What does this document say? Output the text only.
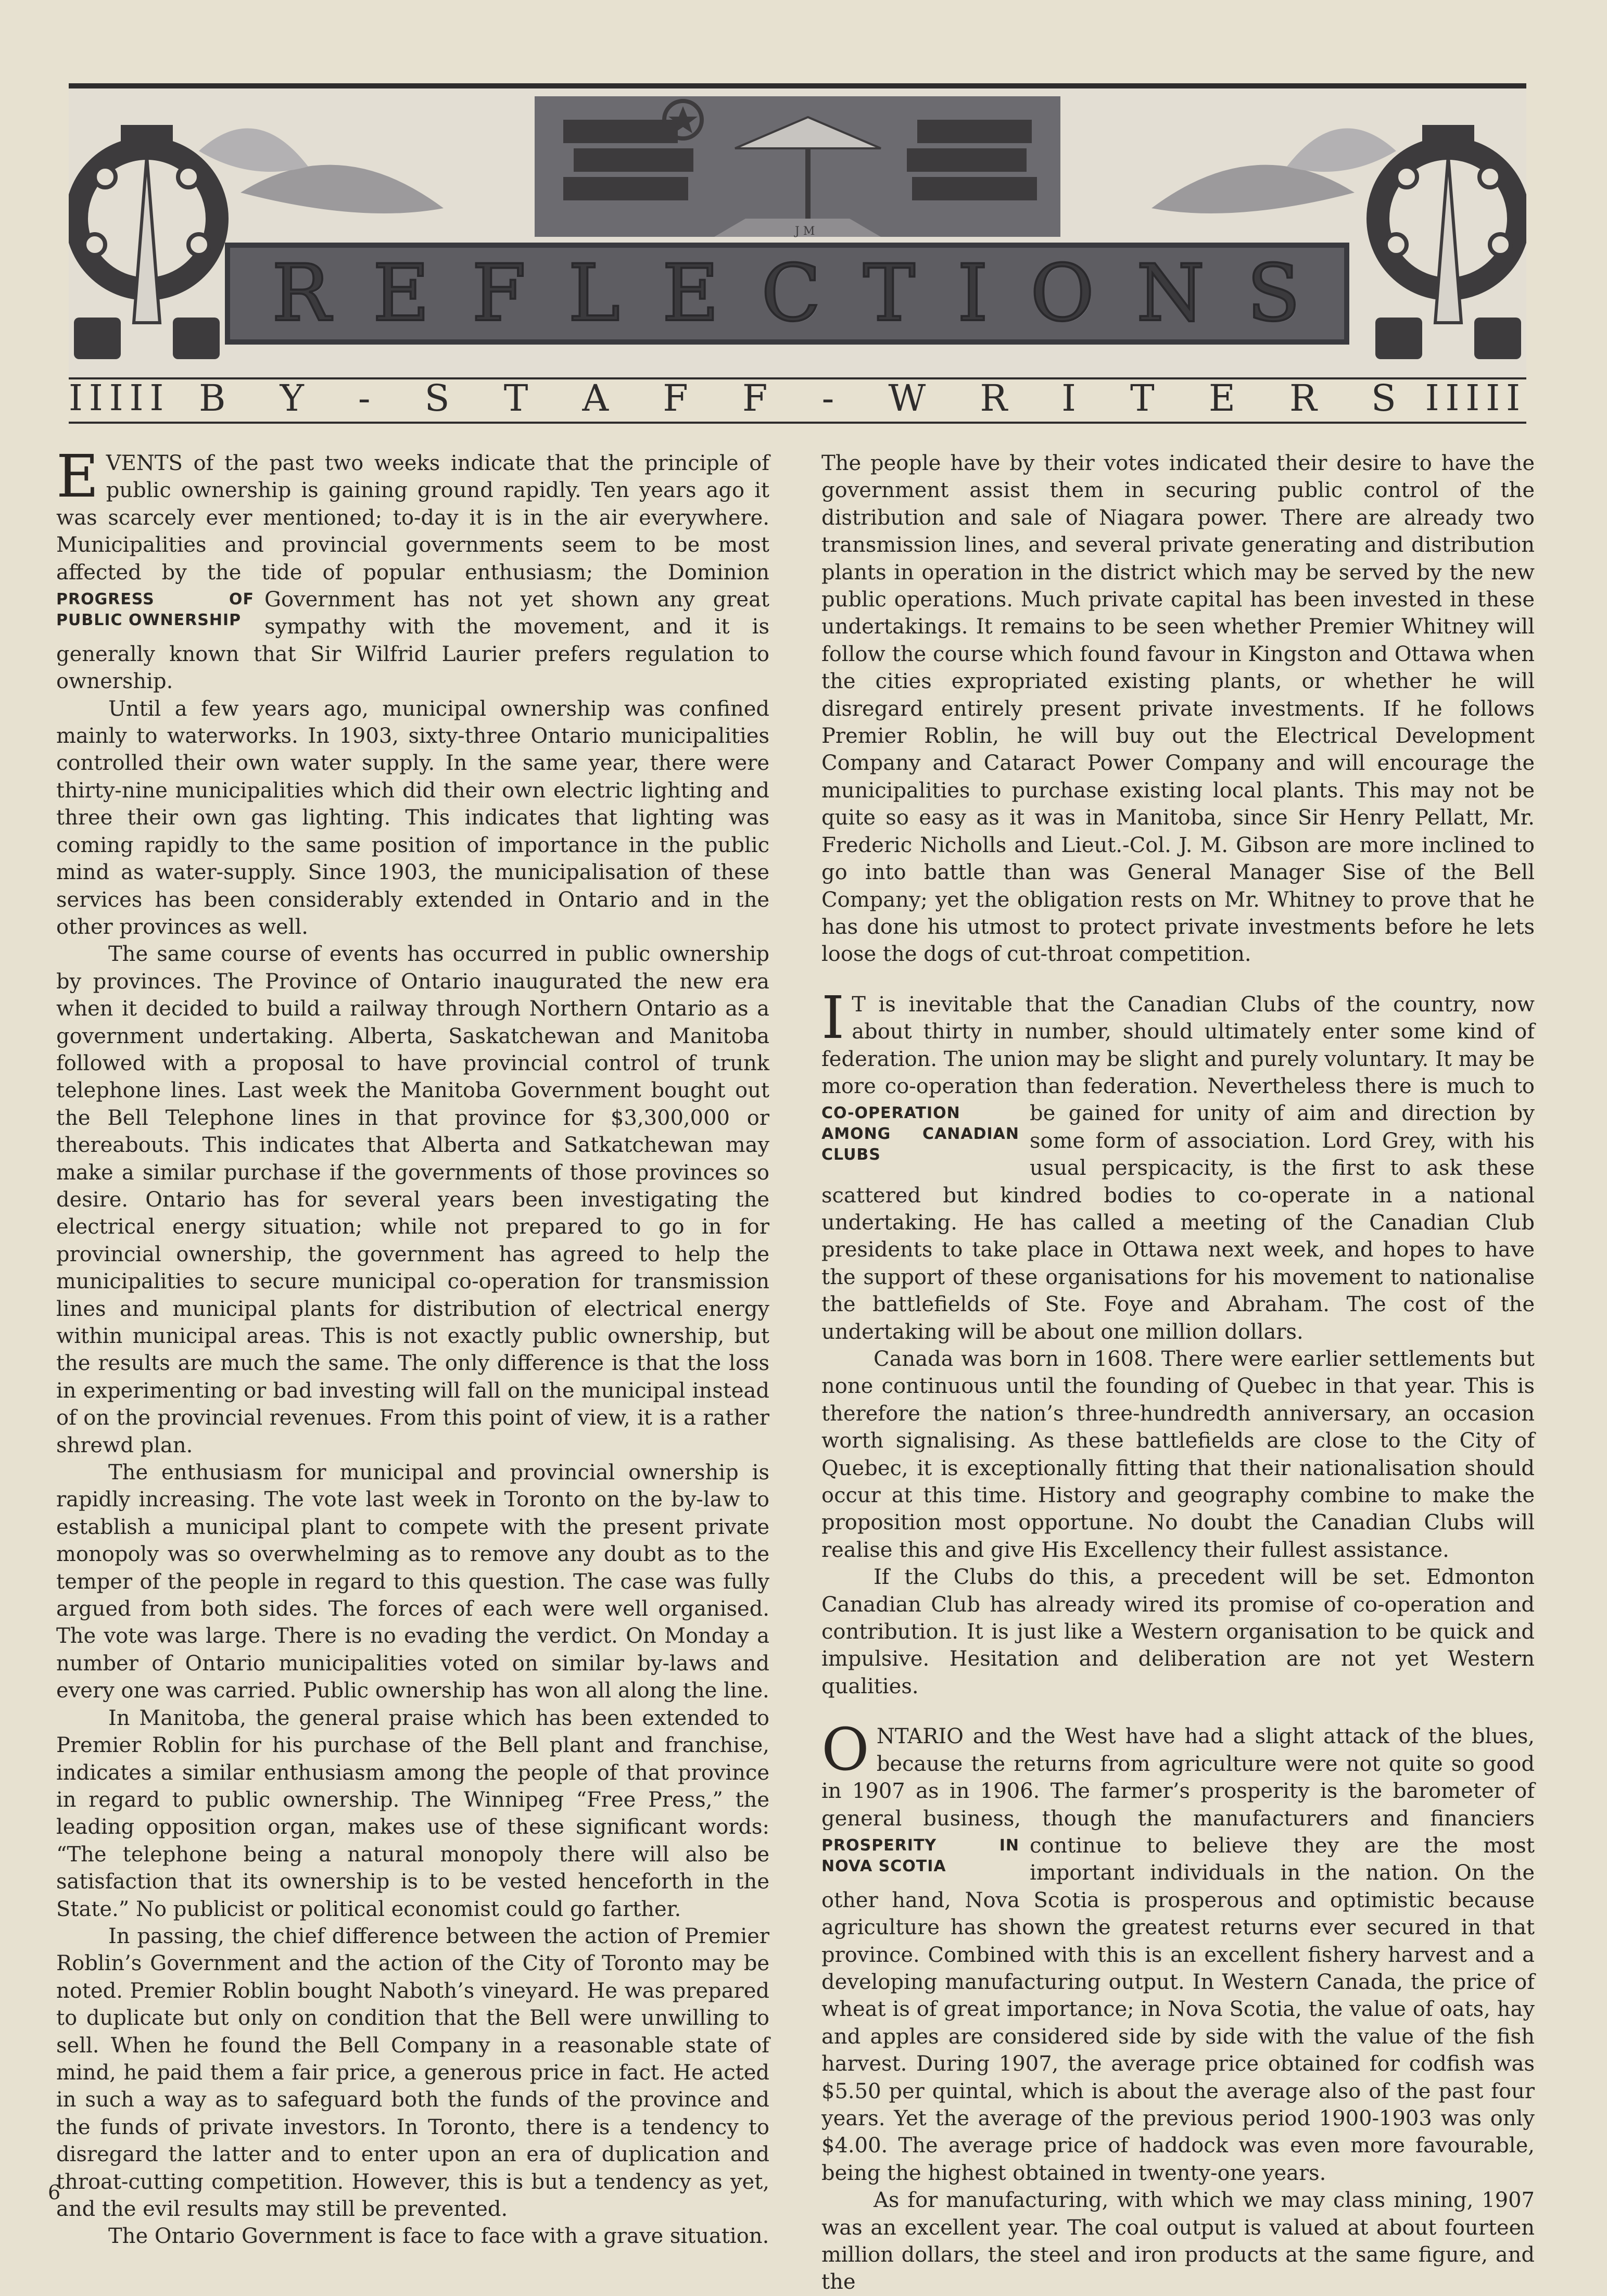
R E F L E C T I O N S
J M
IIIII B Y - S T A F F - W R I T E R S IIIII

EVENTS of the past two weeks indicate that the principle of public ownership is gaining ground rapidly. Ten years ago it was scarcely ever mentioned; to-day it is in the air everywhere. Municipalities and provincial governments seem to be most affected by the tide of popular enthusiasm; the Dominion Government
PROGRESS OF PUBLIC OWNERSHIP
has not yet shown any great sympathy with the movement, and it is generally known that Sir Wilfrid Laurier prefers regulation to ownership.

Until a few years ago, municipal ownership was confined mainly to waterworks. In 1903, sixty-three Ontario municipalities controlled their own water supply. In the same year, there were thirty-nine municipalities which did their own electric lighting and three their own gas lighting. This indicates that lighting was coming rapidly to the same position of importance in the public mind as water-supply. Since 1903, the municipalisation of these services has been considerably extended in Ontario and in the other provinces as well.

The same course of events has occurred in public ownership by provinces. The Province of Ontario inaugurated the new era when it decided to build a railway through Northern Ontario as a government undertaking. Alberta, Saskatchewan and Manitoba followed with a proposal to have provincial control of trunk telephone lines. Last week the Manitoba Government bought out the Bell Telephone lines in that province for $3,300,000 or thereabouts. This indicates that Alberta and Satkatchewan may make a similar purchase if the governments of those provinces so desire. Ontario has for several years been investigating the electrical energy situation; while not prepared to go in for provincial ownership, the government has agreed to help the municipalities to secure municipal co-operation for transmission lines and municipal plants for distribution of electrical energy within municipal areas. This is not exactly public ownership, but the results are much the same. The only difference is that the loss in experimenting or bad investing will fall on the municipal instead of on the provincial revenues. From this point of view, it is a rather shrewd plan.

The enthusiasm for municipal and provincial ownership is rapidly increasing. The vote last week in Toronto on the by-law to establish a municipal plant to compete with the present private monopoly was so overwhelming as to remove any doubt as to the temper of the people in regard to this question. The case was fully argued from both sides. The forces of each were well organised. The vote was large. There is no evading the verdict. On Monday a number of Ontario municipalities voted on similar by-laws and every one was carried. Public ownership has won all along the line.

In Manitoba, the general praise which has been extended to Premier Roblin for his purchase of the Bell plant and franchise, indicates a similar enthusiasm among the people of that province in regard to public ownership. The Winnipeg “Free Press,” the leading opposition organ, makes use of these significant words: “The telephone being a natural monopoly there will also be satisfaction that its ownership is to be vested henceforth in the State.” No publicist or political economist could go farther.

In passing, the chief difference between the action of Premier Roblin’s Government and the action of the City of Toronto may be noted. Premier Roblin bought Naboth’s vineyard. He was prepared to duplicate but only on condition that the Bell were unwilling to sell. When he found the Bell Company in a reasonable state of mind, he paid them a fair price, a generous price in fact. He acted in such a way as to safeguard both the funds of the province and the funds of private investors. In Toronto, there is a tendency to disregard the latter and to enter upon an era of duplication and throat-cutting competition. However, this is but a tendency as yet, and the evil results may still be prevented.

The Ontario Government is face to face with a grave situation.

The people have by their votes indicated their desire to have the government assist them in securing public control of the distribution and sale of Niagara power. There are already two transmission lines, and several private generating and distribution plants in operation in the district which may be served by the new public operations. Much private capital has been invested in these undertakings. It remains to be seen whether Premier Whitney will follow the course which found favour in Kingston and Ottawa when the cities expropriated existing plants, or whether he will disregard entirely present private investments. If he follows Premier Roblin, he will buy out the Electrical Development Company and Cataract Power Company and will encourage the municipalities to purchase existing local plants. This may not be quite so easy as it was in Manitoba, since Sir Henry Pellatt, Mr. Frederic Nicholls and Lieut.-Col. J. M. Gibson are more inclined to go into battle than was General Manager Sise of the Bell Company; yet the obligation rests on Mr. Whitney to prove that he has done his utmost to protect private investments before he lets loose the dogs of cut-throat competition.

I T is inevitable that the Canadian Clubs of the country, now about thirty in number, should ultimately enter some kind of federation. The union may be slight and purely voluntary. It may be more co-operation than federation. Nevertheless there is much to be gained
CO-OPERATION AMONG CANADIAN CLUBS
for unity of aim and direction by some form of association. Lord Grey, with his usual perspicacity, is the first to ask these scattered but kindred bodies to co-operate in a national undertaking. He has called a meeting of the Canadian Club presidents to take place in Ottawa next week, and hopes to have the support of these organisations for his movement to nationalise the battlefields of Ste. Foye and Abraham. The cost of the undertaking will be about one million dollars.

Canada was born in 1608. There were earlier settlements but none continuous until the founding of Quebec in that year. This is therefore the nation’s three-hundredth anniversary, an occasion worth signalising. As these battlefields are close to the City of Quebec, it is exceptionally fitting that their nationalisation should occur at this time. History and geography combine to make the proposition most opportune. No doubt the Canadian Clubs will realise this and give His Excellency their fullest assistance.

If the Clubs do this, a precedent will be set. Edmonton Canadian Club has already wired its promise of co-operation and contribution. It is just like a Western organisation to be quick and impulsive. Hesitation and deliberation are not yet Western qualities.

ONTARIO and the West have had a slight attack of the blues, because the returns from agriculture were not quite so good in 1907 as in 1906. The farmer’s prosperity is the barometer of general business, though the manufacturers and financiers continue to believe
PROSPERITY IN NOVA SCOTIA
they are the most important individuals in the nation. On the other hand, Nova Scotia is prosperous and optimistic because agriculture has shown the greatest returns ever secured in that province. Combined with this is an excellent fishery harvest and a developing manufacturing output. In Western Canada, the price of wheat is of great importance; in Nova Scotia, the value of oats, hay and apples are considered side by side with the value of the fish harvest. During 1907, the average price obtained for codfish was $5.50 per quintal, which is about the average also of the past four years. Yet the average of the previous period 1900-1903 was only $4.00. The average price of haddock was even more favourable, being the highest obtained in twenty-one years.

As for manufacturing, with which we may class mining, 1907 was an excellent year. The coal output is valued at about fourteen million dollars, the steel and iron products at the same figure, and the

6
